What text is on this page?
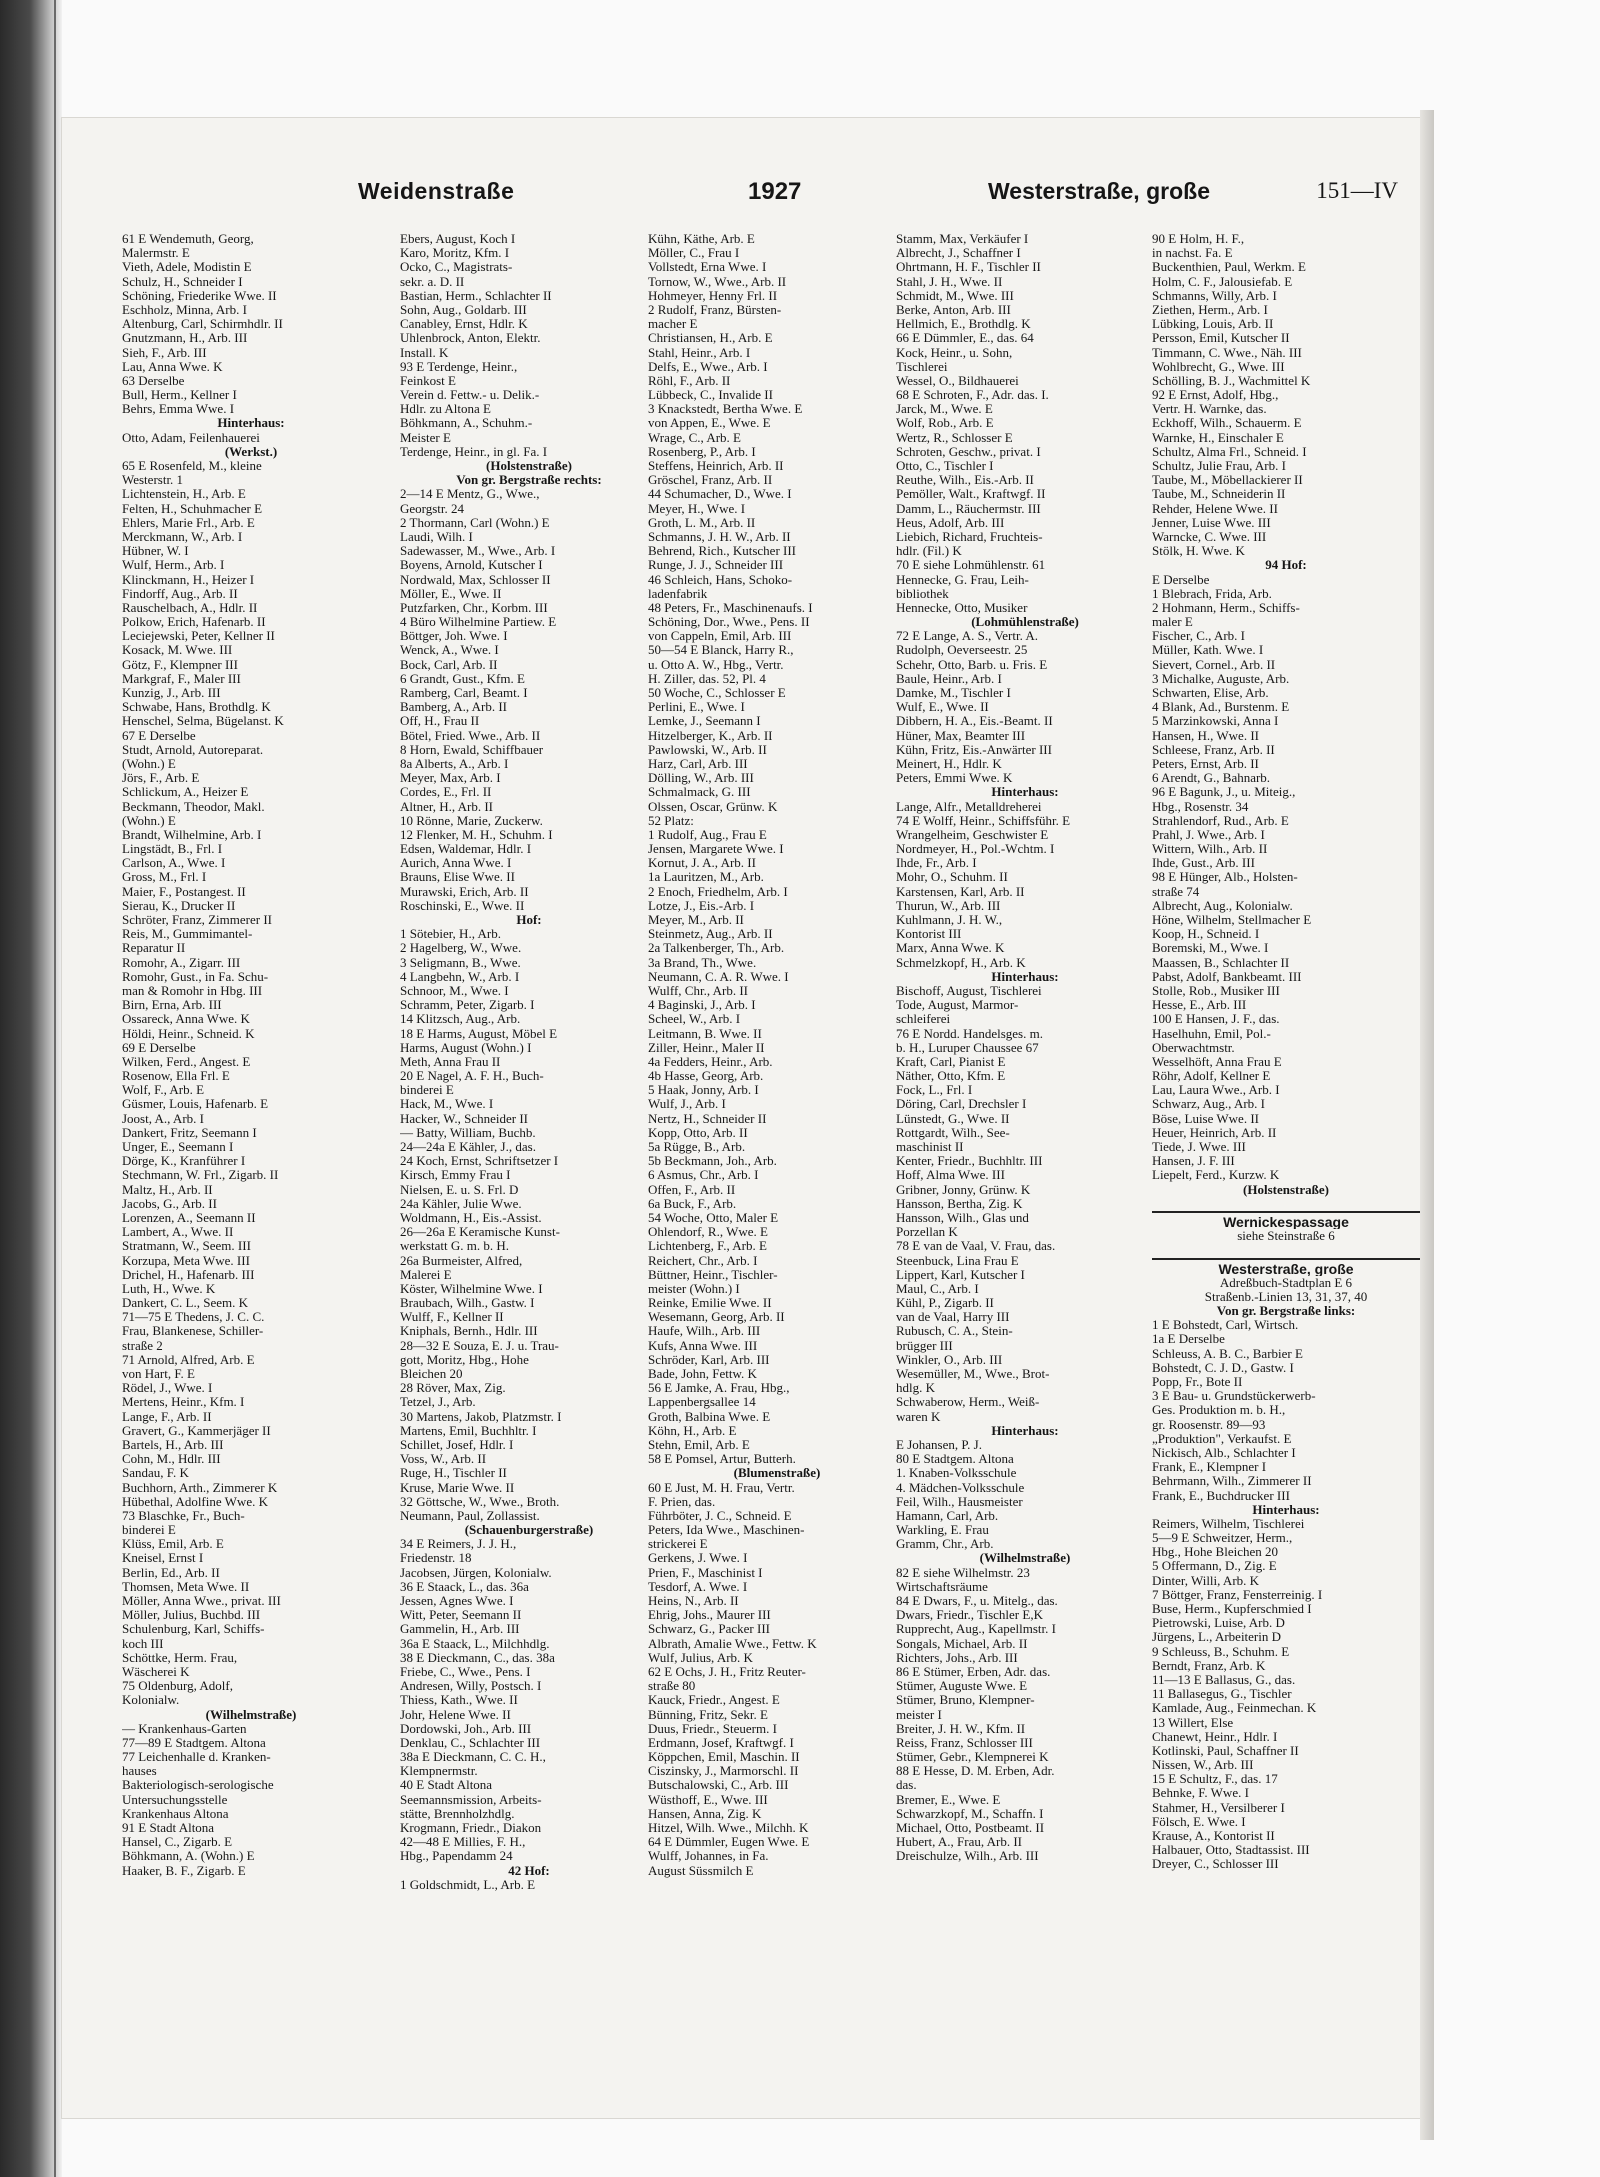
Weidenstraße	1927	Westerstraße, große	151—IV
61 E Wendemuth, Georg,
Malermstr. E
Vieth, Adele, Modistin E
Schulz, H., Schneider I
Schöning, Friederike Wwe. II
Eschholz, Minna, Arb. I
Altenburg, Carl, Schirmhdlr. II
Gnutzmann, H., Arb. III
Sieh, F., Arb. III
Lau, Anna Wwe. K
63 Derselbe
Bull, Herm., Kellner I
Behrs, Emma Wwe. I
Hinterhaus:
Otto, Adam, Feilenhauerei
(Werkst.)
65 E Rosenfeld, M., kleine
Westerstr. 1
Lichtenstein, H., Arb. E
Felten, H., Schuhmacher E
Ehlers, Marie Frl., Arb. E
Merckmann, W., Arb. I
Hübner, W. I
Wulf, Herm., Arb. I
Klinckmann, H., Heizer I
Findorff, Aug., Arb. II
Rauschelbach, A., Hdlr. II
Polkow, Erich, Hafenarb. II
Leciejewski, Peter, Kellner II
Kosack, M. Wwe. III
Götz, F., Klempner III
Markgraf, F., Maler III
Kunzig, J., Arb. III
Schwabe, Hans, Brothdlg. K
Henschel, Selma, Bügelanst. K
67 E Derselbe
Studt, Arnold, Autoreparat.
(Wohn.) E
Jörs, F., Arb. E
Schlickum, A., Heizer E
Beckmann, Theodor, Makl.
(Wohn.) E
Brandt, Wilhelmine, Arb. I
Lingstädt, B., Frl. I
Carlson, A., Wwe. I
Gross, M., Frl. I
Maier, F., Postangest. II
Sierau, K., Drucker II
Schröter, Franz, Zimmerer II
Reis, M., Gummimantel-
Reparatur II
Romohr, A., Zigarr. III
Romohr, Gust., in Fa. Schu-
man & Romohr in Hbg. III
Birn, Erna, Arb. III
Ossareck, Anna Wwe. K
Höldi, Heinr., Schneid. K
69 E Derselbe
Wilken, Ferd., Angest. E
Rosenow, Ella Frl. E
Wolf, F., Arb. E
Güsmer, Louis, Hafenarb. E
Joost, A., Arb. I
Dankert, Fritz, Seemann I
Unger, E., Seemann I
Dörge, K., Kranführer I
Stechmann, W. Frl., Zigarb. II
Maltz, H., Arb. II
Jacobs, G., Arb. II
Lorenzen, A., Seemann II
Lambert, A., Wwe. II
Stratmann, W., Seem. III
Korzupa, Meta Wwe. III
Drichel, H., Hafenarb. III
Luth, H., Wwe. K
Dankert, C. L., Seem. K
71—75 E Thedens, J. C. C.
Frau, Blankenese, Schiller-
straße 2
71 Arnold, Alfred, Arb. E
von Hart, F. E
Rödel, J., Wwe. I
Mertens, Heinr., Kfm. I
Lange, F., Arb. II
Gravert, G., Kammerjäger II
Bartels, H., Arb. III
Cohn, M., Hdlr. III
Sandau, F. K
Buchhorn, Arth., Zimmerer K
Hübethal, Adolfine Wwe. K
73 Blaschke, Fr., Buch-
binderei E
Klüss, Emil, Arb. E
Kneisel, Ernst I
Berlin, Ed., Arb. II
Thomsen, Meta Wwe. II
Möller, Anna Wwe., privat. III
Möller, Julius, Buchbd. III
Schulenburg, Karl, Schiffs-
koch III
Schöttke, Herm. Frau,
Wäscherei K
75 Oldenburg, Adolf,
Kolonialw.
(Wilhelmstraße)
— Krankenhaus-Garten
77—89 E Stadtgem. Altona
77 Leichenhalle d. Kranken-
hauses
Bakteriologisch-serologische
Untersuchungsstelle
Krankenhaus Altona
91 E Stadt Altona
Hansel, C., Zigarb. E
Böhkmann, A. (Wohn.) E
Haaker, B. F., Zigarb. E
Ebers, August, Koch I
Karo, Moritz, Kfm. I
Ocko, C., Magistrats-
sekr. a. D. II
Bastian, Herm., Schlachter II
Sohn, Aug., Goldarb. III
Canabley, Ernst, Hdlr. K
Uhlenbrock, Anton, Elektr.
Install. K
93 E Terdenge, Heinr.,
Feinkost E
Verein d. Fettw.- u. Delik.-
Hdlr. zu Altona E
Böhkmann, A., Schuhm.-
Meister E
Terdenge, Heinr., in gl. Fa. I
(Holstenstraße)
Von gr. Bergstraße rechts:
2—14 E Mentz, G., Wwe.,
Georgstr. 24
2 Thormann, Carl (Wohn.) E
Laudi, Wilh. I
Sadewasser, M., Wwe., Arb. I
Boyens, Arnold, Kutscher I
Nordwald, Max, Schlosser II
Möller, E., Wwe. II
Putzfarken, Chr., Korbm. III
4 Büro Wilhelmine Partiew. E
Böttger, Joh. Wwe. I
Wenck, A., Wwe. I
Bock, Carl, Arb. II
6 Grandt, Gust., Kfm. E
Ramberg, Carl, Beamt. I
Bamberg, A., Arb. II
Off, H., Frau II
Bötel, Fried. Wwe., Arb. II
8 Horn, Ewald, Schiffbauer
8a Alberts, A., Arb. I
Meyer, Max, Arb. I
Cordes, E., Frl. II
Altner, H., Arb. II
10 Rönne, Marie, Zuckerw.
12 Flenker, M. H., Schuhm. I
Edsen, Waldemar, Hdlr. I
Aurich, Anna Wwe. I
Brauns, Elise Wwe. II
Murawski, Erich, Arb. II
Roschinski, E., Wwe. II
Hof:
1 Sötebier, H., Arb.
2 Hagelberg, W., Wwe.
3 Seligmann, B., Wwe.
4 Langbehn, W., Arb. I
Schnoor, M., Wwe. I
Schramm, Peter, Zigarb. I
14 Klitzsch, Aug., Arb.
18 E Harms, August, Möbel E
Harms, August (Wohn.) I
Meth, Anna Frau II
20 E Nagel, A. F. H., Buch-
binderei E
Hack, M., Wwe. I
Hacker, W., Schneider II
— Batty, William, Buchb.
24—24a E Kähler, J., das.
24 Koch, Ernst, Schriftsetzer I
Kirsch, Emmy Frau I
Nielsen, E. u. S. Frl. D
24a Kähler, Julie Wwe.
Woldmann, H., Eis.-Assist.
26—26a E Keramische Kunst-
werkstatt G. m. b. H.
26a Burmeister, Alfred,
Malerei E
Köster, Wilhelmine Wwe. I
Braubach, Wilh., Gastw. I
Wulff, F., Kellner II
Kniphals, Bernh., Hdlr. III
28—32 E Souza, E. J. u. Trau-
gott, Moritz, Hbg., Hohe
Bleichen 20
28 Röver, Max, Zig.
Tetzel, J., Arb.
30 Martens, Jakob, Platzmstr. I
Martens, Emil, Buchhltr. I
Schillet, Josef, Hdlr. I
Voss, W., Arb. II
Ruge, H., Tischler II
Kruse, Marie Wwe. II
32 Göttsche, W., Wwe., Broth.
Neumann, Paul, Zollassist.
(Schauenburgerstraße)
34 E Reimers, J. J. H.,
Friedenstr. 18
Jacobsen, Jürgen, Kolonialw.
36 E Staack, L., das. 36a
Jessen, Agnes Wwe. I
Witt, Peter, Seemann II
Gammelin, H., Arb. III
36a E Staack, L., Milchhdlg.
38 E Dieckmann, C., das. 38a
Friebe, C., Wwe., Pens. I
Andresen, Willy, Postsch. I
Thiess, Kath., Wwe. II
Johr, Helene Wwe. II
Dordowski, Joh., Arb. III
Denklau, C., Schlachter III
38a E Dieckmann, C. C. H.,
Klempnermstr.
40 E Stadt Altona
Seemannsmission, Arbeits-
stätte, Brennholzhdlg.
Krogmann, Friedr., Diakon
42—48 E Millies, F. H.,
Hbg., Papendamm 24
42 Hof:
1 Goldschmidt, L., Arb. E
Kühn, Käthe, Arb. E
Möller, C., Frau I
Vollstedt, Erna Wwe. I
Tornow, W., Wwe., Arb. II
Hohmeyer, Henny Frl. II
2 Rudolf, Franz, Bürsten-
macher E
Christiansen, H., Arb. E
Stahl, Heinr., Arb. I
Delfs, E., Wwe., Arb. I
Röhl, F., Arb. II
Lübbeck, C., Invalide II
3 Knackstedt, Bertha Wwe. E
von Appen, E., Wwe. E
Wrage, C., Arb. E
Rosenberg, P., Arb. I
Steffens, Heinrich, Arb. II
Gröschel, Franz, Arb. II
44 Schumacher, D., Wwe. I
Meyer, H., Wwe. I
Groth, L. M., Arb. II
Schmanns, J. H. W., Arb. II
Behrend, Rich., Kutscher III
Runge, J. J., Schneider III
46 Schleich, Hans, Schoko-
ladenfabrik
48 Peters, Fr., Maschinenaufs. I
Schöning, Dor., Wwe., Pens. II
von Cappeln, Emil, Arb. III
50—54 E Blanck, Harry R.,
u. Otto A. W., Hbg., Vertr.
H. Ziller, das. 52, Pl. 4
50 Woche, C., Schlosser E
Perlini, E., Wwe. I
Lemke, J., Seemann I
Hitzelberger, K., Arb. II
Pawlowski, W., Arb. II
Harz, Carl, Arb. III
Dölling, W., Arb. III
Schmalmack, G. III
Olssen, Oscar, Grünw. K
52 Platz:
1 Rudolf, Aug., Frau E
Jensen, Margarete Wwe. I
Kornut, J. A., Arb. II
1a Lauritzen, M., Arb.
2 Enoch, Friedhelm, Arb. I
Lotze, J., Eis.-Arb. I
Meyer, M., Arb. II
Steinmetz, Aug., Arb. II
2a Talkenberger, Th., Arb.
3a Brand, Th., Wwe.
Neumann, C. A. R. Wwe. I
Wulff, Chr., Arb. II
4 Baginski, J., Arb. I
Scheel, W., Arb. I
Leitmann, B. Wwe. II
Ziller, Heinr., Maler II
4a Fedders, Heinr., Arb.
4b Hasse, Georg, Arb.
5 Haak, Jonny, Arb. I
Wulf, J., Arb. I
Nertz, H., Schneider II
Kopp, Otto, Arb. II
5a Rügge, B., Arb.
5b Beckmann, Joh., Arb.
6 Asmus, Chr., Arb. I
Offen, F., Arb. II
6a Buck, F., Arb.
54 Woche, Otto, Maler E
Ohlendorf, R., Wwe. E
Lichtenberg, F., Arb. E
Reichert, Chr., Arb. I
Büttner, Heinr., Tischler-
meister (Wohn.) I
Reinke, Emilie Wwe. II
Wesemann, Georg, Arb. II
Haufe, Wilh., Arb. III
Kufs, Anna Wwe. III
Schröder, Karl, Arb. III
Bade, John, Fettw. K
56 E Jamke, A. Frau, Hbg.,
Lappenbergsallee 14
Groth, Balbina Wwe. E
Köhn, H., Arb. E
Stehn, Emil, Arb. E
58 E Pomsel, Artur, Butterh.
(Blumenstraße)
60 E Just, M. H. Frau, Vertr.
F. Prien, das.
Führböter, J. C., Schneid. E
Peters, Ida Wwe., Maschinen-
strickerei E
Gerkens, J. Wwe. I
Prien, F., Maschinist I
Tesdorf, A. Wwe. I
Heins, N., Arb. II
Ehrig, Johs., Maurer III
Schwarz, G., Packer III
Albrath, Amalie Wwe., Fettw. K
Wulf, Julius, Arb. K
62 E Ochs, J. H., Fritz Reuter-
straße 80
Kauck, Friedr., Angest. E
Bünning, Fritz, Sekr. E
Duus, Friedr., Steuerm. I
Erdmann, Josef, Kraftwgf. I
Köppchen, Emil, Maschin. II
Ciszinsky, J., Marmorschl. II
Butschalowski, C., Arb. III
Wüsthoff, E., Wwe. III
Hansen, Anna, Zig. K
Hitzel, Wilh. Wwe., Milchh. K
64 E Dümmler, Eugen Wwe. E
Wulff, Johannes, in Fa.
August Süssmilch E
Stamm, Max, Verkäufer I
Albrecht, J., Schaffner I
Ohrtmann, H. F., Tischler II
Stahl, J. H., Wwe. II
Schmidt, M., Wwe. III
Berke, Anton, Arb. III
Hellmich, E., Brothdlg. K
66 E Dümmler, E., das. 64
Kock, Heinr., u. Sohn,
Tischlerei
Wessel, O., Bildhauerei
68 E Schroten, F., Adr. das. I.
Jarck, M., Wwe. E
Wolf, Rob., Arb. E
Wertz, R., Schlosser E
Schroten, Geschw., privat. I
Otto, C., Tischler I
Reuthe, Wilh., Eis.-Arb. II
Pemöller, Walt., Kraftwgf. II
Damm, L., Räuchermstr. III
Heus, Adolf, Arb. III
Liebich, Richard, Fruchteis-
hdlr. (Fil.) K
70 E siehe Lohmühlenstr. 61
Hennecke, G. Frau, Leih-
bibliothek
Hennecke, Otto, Musiker
(Lohmühlenstraße)
72 E Lange, A. S., Vertr. A.
Rudolph, Oeverseestr. 25
Schehr, Otto, Barb. u. Fris. E
Baule, Heinr., Arb. I
Damke, M., Tischler I
Wulf, E., Wwe. II
Dibbern, H. A., Eis.-Beamt. II
Hüner, Max, Beamter III
Kühn, Fritz, Eis.-Anwärter III
Meinert, H., Hdlr. K
Peters, Emmi Wwe. K
Hinterhaus:
Lange, Alfr., Metalldreherei
74 E Wolff, Heinr., Schiffsführ. E
Wrangelheim, Geschwister E
Nordmeyer, H., Pol.-Wchtm. I
Ihde, Fr., Arb. I
Mohr, O., Schuhm. II
Karstensen, Karl, Arb. II
Thurun, W., Arb. III
Kuhlmann, J. H. W.,
Kontorist III
Marx, Anna Wwe. K
Schmelzkopf, H., Arb. K
Hinterhaus:
Bischoff, August, Tischlerei
Tode, August, Marmor-
schleiferei
76 E Nordd. Handelsges. m.
b. H., Luruper Chaussee 67
Kraft, Carl, Pianist E
Näther, Otto, Kfm. E
Fock, L., Frl. I
Döring, Carl, Drechsler I
Lünstedt, G., Wwe. II
Rottgardt, Wilh., See-
maschinist II
Kenter, Friedr., Buchhltr. III
Hoff, Alma Wwe. III
Gribner, Jonny, Grünw. K
Hansson, Bertha, Zig. K
Hansson, Wilh., Glas und
Porzellan K
78 E van de Vaal, V. Frau, das.
Steenbuck, Lina Frau E
Lippert, Karl, Kutscher I
Maul, C., Arb. I
Kühl, P., Zigarb. II
van de Vaal, Harry III
Rubusch, C. A., Stein-
brügger III
Winkler, O., Arb. III
Wesemüller, M., Wwe., Brot-
hdlg. K
Schwaberow, Herm., Weiß-
waren K
Hinterhaus:
E Johansen, P. J.
80 E Stadtgem. Altona
1. Knaben-Volksschule
4. Mädchen-Volksschule
Feil, Wilh., Hausmeister
Hamann, Carl, Arb.
Warkling, E. Frau
Gramm, Chr., Arb.
(Wilhelmstraße)
82 E siehe Wilhelmstr. 23
Wirtschaftsräume
84 E Dwars, F., u. Mitelg., das.
Dwars, Friedr., Tischler E,K
Rupprecht, Aug., Kapellmstr. I
Songals, Michael, Arb. II
Richters, Johs., Arb. III
86 E Stümer, Erben, Adr. das.
Stümer, Auguste Wwe. E
Stümer, Bruno, Klempner-
meister I
Breiter, J. H. W., Kfm. II
Reiss, Franz, Schlosser III
Stümer, Gebr., Klempnerei K
88 E Hesse, D. M. Erben, Adr.
das.
Bremer, E., Wwe. E
Schwarzkopf, M., Schaffn. I
Michael, Otto, Postbeamt. II
Hubert, A., Frau, Arb. II
Dreischulze, Wilh., Arb. III
90 E Holm, H. F.,
in nachst. Fa. E
Buckenthien, Paul, Werkm. E
Holm, C. F., Jalousiefab. E
Schmanns, Willy, Arb. I
Ziethen, Herm., Arb. I
Lübking, Louis, Arb. II
Persson, Emil, Kutscher II
Timmann, C. Wwe., Näh. III
Wohlbrecht, G., Wwe. III
Schölling, B. J., Wachmittel K
92 E Ernst, Adolf, Hbg.,
Vertr. H. Warnke, das.
Eckhoff, Wilh., Schauerm. E
Warnke, H., Einschaler E
Schultz, Alma Frl., Schneid. I
Schultz, Julie Frau, Arb. I
Taube, M., Möbellackierer II
Taube, M., Schneiderin II
Rehder, Helene Wwe. II
Jenner, Luise Wwe. III
Warncke, C. Wwe. III
Stölk, H. Wwe. K
94 Hof:
E Derselbe
1 Blebrach, Frida, Arb.
2 Hohmann, Herm., Schiffs-
maler E
Fischer, C., Arb. I
Müller, Kath. Wwe. I
Sievert, Cornel., Arb. II
3 Michalke, Auguste, Arb.
Schwarten, Elise, Arb.
4 Blank, Ad., Burstenm. E
5 Marzinkowski, Anna I
Hansen, H., Wwe. II
Schleese, Franz, Arb. II
Peters, Ernst, Arb. II
6 Arendt, G., Bahnarb.
96 E Bagunk, J., u. Miteig.,
Hbg., Rosenstr. 34
Strahlendorf, Rud., Arb. E
Prahl, J. Wwe., Arb. I
Wittern, Wilh., Arb. II
Ihde, Gust., Arb. III
98 E Hünger, Alb., Holsten-
straße 74
Albrecht, Aug., Kolonialw.
Höne, Wilhelm, Stellmacher E
Koop, H., Schneid. I
Boremski, M., Wwe. I
Maassen, B., Schlachter II
Pabst, Adolf, Bankbeamt. III
Stolle, Rob., Musiker III
Hesse, E., Arb. III
100 E Hansen, J. F., das.
Haselhuhn, Emil, Pol.-
Oberwachtmstr.
Wesselhöft, Anna Frau E
Röhr, Adolf, Kellner E
Lau, Laura Wwe., Arb. I
Schwarz, Aug., Arb. I
Böse, Luise Wwe. II
Heuer, Heinrich, Arb. II
Tiede, J. Wwe. III
Hansen, J. F. III
Liepelt, Ferd., Kurzw. K
(Holstenstraße)
Wernickespassage
siehe Steinstraße 6
Westerstraße, große
Adreßbuch-Stadtplan E 6
Straßenb.-Linien 13, 31, 37, 40
Von gr. Bergstraße links:
1 E Bohstedt, Carl, Wirtsch.
1a E Derselbe
Schleuss, A. B. C., Barbier E
Bohstedt, C. J. D., Gastw. I
Popp, Fr., Bote II
3 E Bau- u. Grundstückerwerb-
Ges. Produktion m. b. H.,
gr. Roosenstr. 89—93
„Produktion", Verkaufst. E
Nickisch, Alb., Schlachter I
Frank, E., Klempner I
Behrmann, Wilh., Zimmerer II
Frank, E., Buchdrucker III
Hinterhaus:
Reimers, Wilhelm, Tischlerei
5—9 E Schweitzer, Herm.,
Hbg., Hohe Bleichen 20
5 Offermann, D., Zig. E
Dinter, Willi, Arb. K
7 Böttger, Franz, Fensterreinig. I
Buse, Herm., Kupferschmied I
Pietrowski, Luise, Arb. D
Jürgens, L., Arbeiterin D
9 Schleuss, B., Schuhm. E
Berndt, Franz, Arb. K
11—13 E Ballasus, G., das.
11 Ballasegus, G., Tischler
Kamlade, Aug., Feinmechan. K
13 Willert, Else
Chanewt, Heinr., Hdlr. I
Kotlinski, Paul, Schaffner II
Nissen, W., Arb. III
15 E Schultz, F., das. 17
Behnke, F. Wwe. I
Stahmer, H., Versilberer I
Fölsch, E. Wwe. I
Krause, A., Kontorist II
Halbauer, Otto, Stadtassist. III
Dreyer, C., Schlosser III
